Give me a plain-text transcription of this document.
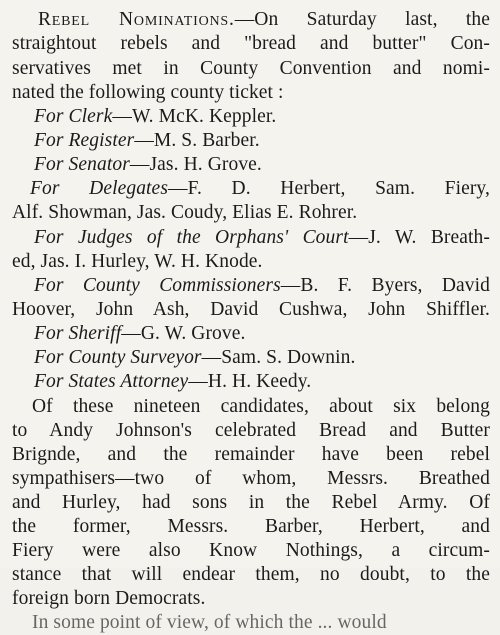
Rebel Nominations.—On Saturday last, the
straightout rebels and "bread and butter" Con-
servatives met in County Convention and nomi-
nated the following county ticket :
For Clerk—W. McK. Keppler.
For Register—M. S. Barber.
For Senator—Jas. H. Grove.
For Delegates—F. D. Herbert, Sam. Fiery,
Alf. Showman, Jas. Coudy, Elias E. Rohrer.
For Judges of the Orphans' Court—J. W. Breath-
ed, Jas. I. Hurley, W. H. Knode.
For County Commissioners—B. F. Byers, David
Hoover, John Ash, David Cushwa, John Shiffler.
For Sheriff—G. W. Grove.
For County Surveyor—Sam. S. Downin.
For States Attorney—H. H. Keedy.
Of these nineteen candidates, about six belong
to Andy Johnson's celebrated Bread and Butter
Brignde, and the remainder have been rebel
sympathisers—two of whom, Messrs. Breathed
and Hurley, had sons in the Rebel Army. Of
the former, Messrs. Barber, Herbert, and
Fiery were also Know Nothings, a circum-
stance that will endear them, no doubt, to the
foreign born Democrats.
In some point of view, of which the ... would
